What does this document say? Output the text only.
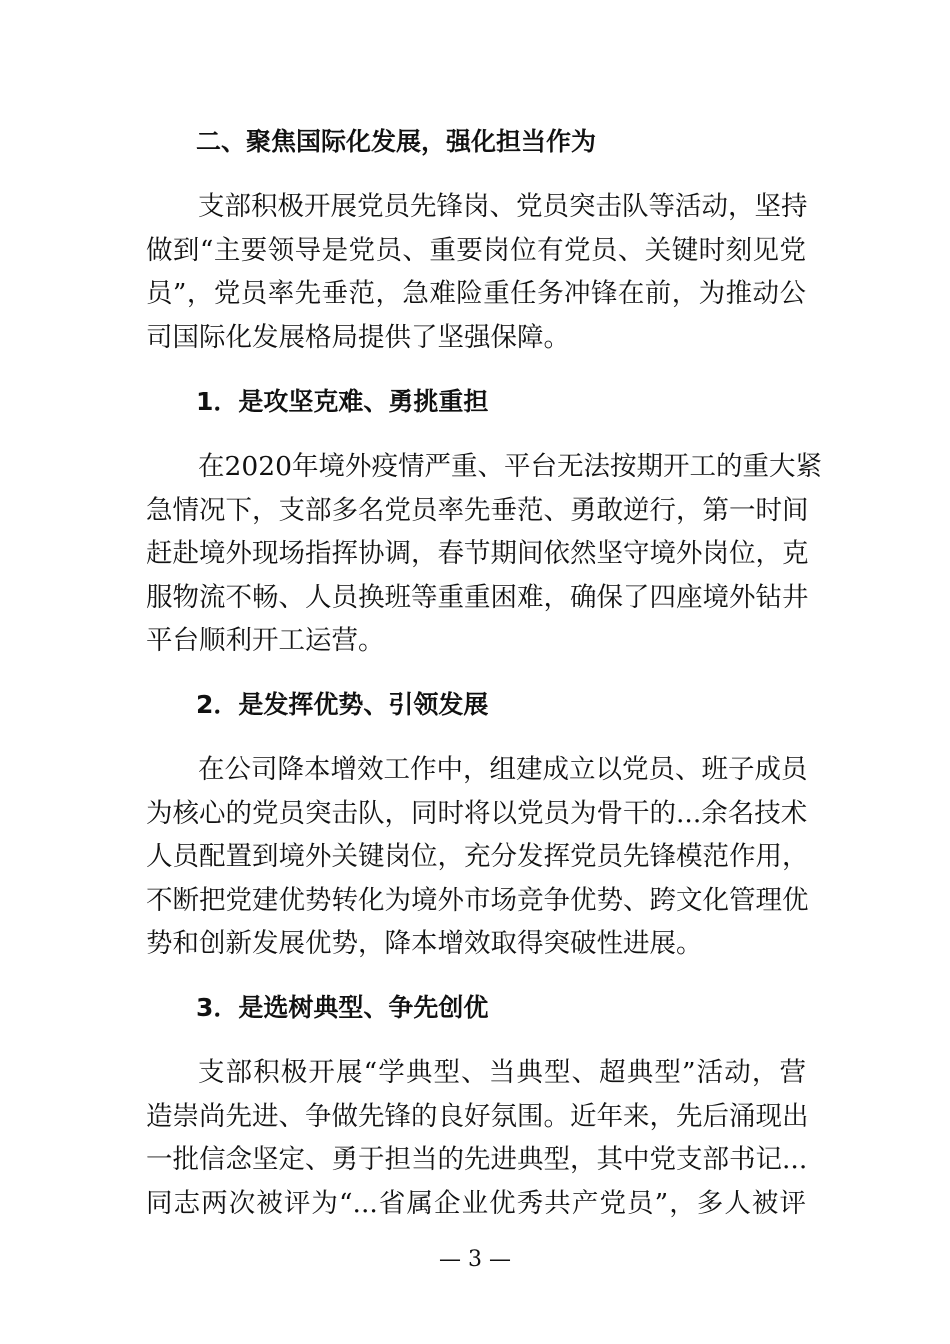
二、聚焦国际化发展，强化担当作为
支部积极开展党员先锋岗、党员突击队等活动，坚持
做到“主要领导是党员、重要岗位有党员、关键时刻见党
员”，党员率先垂范，急难险重任务冲锋在前，为推动公
司国际化发展格局提供了坚强保障。
1．是攻坚克难、勇挑重担
在2020年境外疫情严重、平台无法按期开工的重大紧
急情况下，支部多名党员率先垂范、勇敢逆行，第一时间
赶赴境外现场指挥协调，春节期间依然坚守境外岗位，克
服物流不畅、人员换班等重重困难，确保了四座境外钻井
平台顺利开工运营。
2．是发挥优势、引领发展
在公司降本增效工作中，组建成立以党员、班子成员
为核心的党员突击队，同时将以党员为骨干的...余名技术
人员配置到境外关键岗位，充分发挥党员先锋模范作用，
不断把党建优势转化为境外市场竞争优势、跨文化管理优
势和创新发展优势，降本增效取得突破性进展。
3．是选树典型、争先创优
支部积极开展“学典型、当典型、超典型”活动，营
造崇尚先进、争做先锋的良好氛围。近年来，先后涌现出
一批信念坚定、勇于担当的先进典型，其中党支部书记...
同志两次被评为“...省属企业优秀共产党员”，多人被评
— 3 —
